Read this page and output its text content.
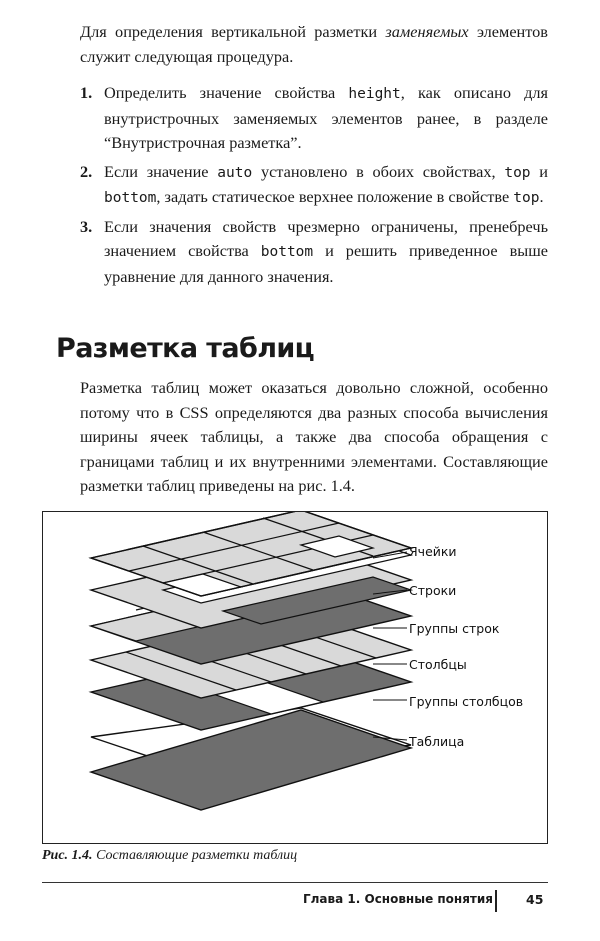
Для определения вертикальной разметки заменяемых элементов служит следующая процедура.

1. Определить значение свойства height, как описано для внутристрочных заменяемых элементов ранее, в разделе “Внутристрочная разметка”.
2. Если значение auto установлено в обоих свойствах, top и bottom, задать статическое верхнее положение в свойстве top.
3. Если значения свойств чрезмерно ограничены, пренебречь значением свойства bottom и решить приведенное выше уравнение для данного значения.
Разметка таблиц

Разметка таблиц может оказаться довольно сложной, особенно потому что в CSS определяются два разных способа вычисления ширины ячеек таблицы, а также два способа обращения с границами таблиц и их внутренними элементами. Составляющие разметки таблиц приведены на рис. 1.4.

Ячейки
Строки
Группы строк
Столбцы
Группы столбцов
Таблица

Рис. 1.4. Составляющие разметки таблиц

Глава 1. Основные понятия	45
